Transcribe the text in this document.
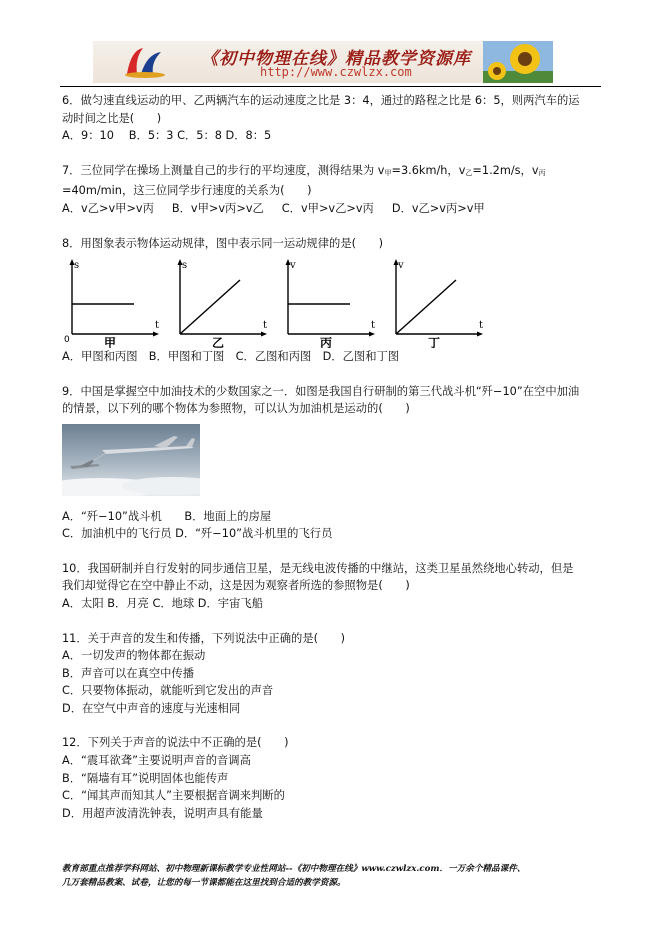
《初中物理在线》精品教学资源库
http://www.czwlzx.com

6．做匀速直线运动的甲、乙两辆汽车的运动速度之比是 3：4，通过的路程之比是 6：5，则两汽车的运

动时间之比是(　　)

A．9：10　 B．5：3 C．5：8 D．8：5

7．三位同学在操场上测量自己的步行的平均速度，测得结果为 v甲=3.6km/h，v乙=1.2m/s，v丙

=40m/min，这三位同学步行速度的关系为(　　)

A．v乙>v甲>v丙 B．v甲>v丙>v乙 C．v甲>v乙>v丙 D．v乙>v丙>v甲

8．用图象表示物体运动规律，图中表示同一运动规律的是(　　)

s
t
0	甲
s
t
乙
v
t
丙
v
t
丁

A．甲图和丙图　B．甲图和丁图　C．乙图和丙图　D．乙图和丁图

9．中国是掌握空中加油技术的少数国家之一．如图是我国自行研制的第三代战斗机“歼−10”在空中加油

的情景，以下列的哪个物体为参照物，可以认为加油机是运动的(　　)

A．“歼−10”战斗机　　B．地面上的房屋

C．加油机中的飞行员 D．“歼−10”战斗机里的飞行员

10．我国研制并自行发射的同步通信卫星，是无线电波传播的中继站，这类卫星虽然绕地心转动，但是

我们却觉得它在空中静止不动，这是因为观察者所选的参照物是(　　)

A．太阳 B．月亮 C．地球 D．宇宙飞船

11．关于声音的发生和传播，下列说法中正确的是(　　)

A．一切发声的物体都在振动

B．声音可以在真空中传播

C．只要物体振动，就能听到它发出的声音

D．在空气中声音的速度与光速相同

12．下列关于声音的说法中不正确的是(　　)

A．“震耳欲聋”主要说明声音的音调高

B．“隔墙有耳”说明固体也能传声

C．“闻其声而知其人”主要根据音调来判断的

D．用超声波清洗钟表，说明声具有能量

教育部重点推荐学科网站、初中物理新课标教学专业性网站--《初中物理在线》www.czwlzx.com．一万余个精品课件、

几万套精品教案、试卷，让您的每一节课都能在这里找到合适的教学资源。
